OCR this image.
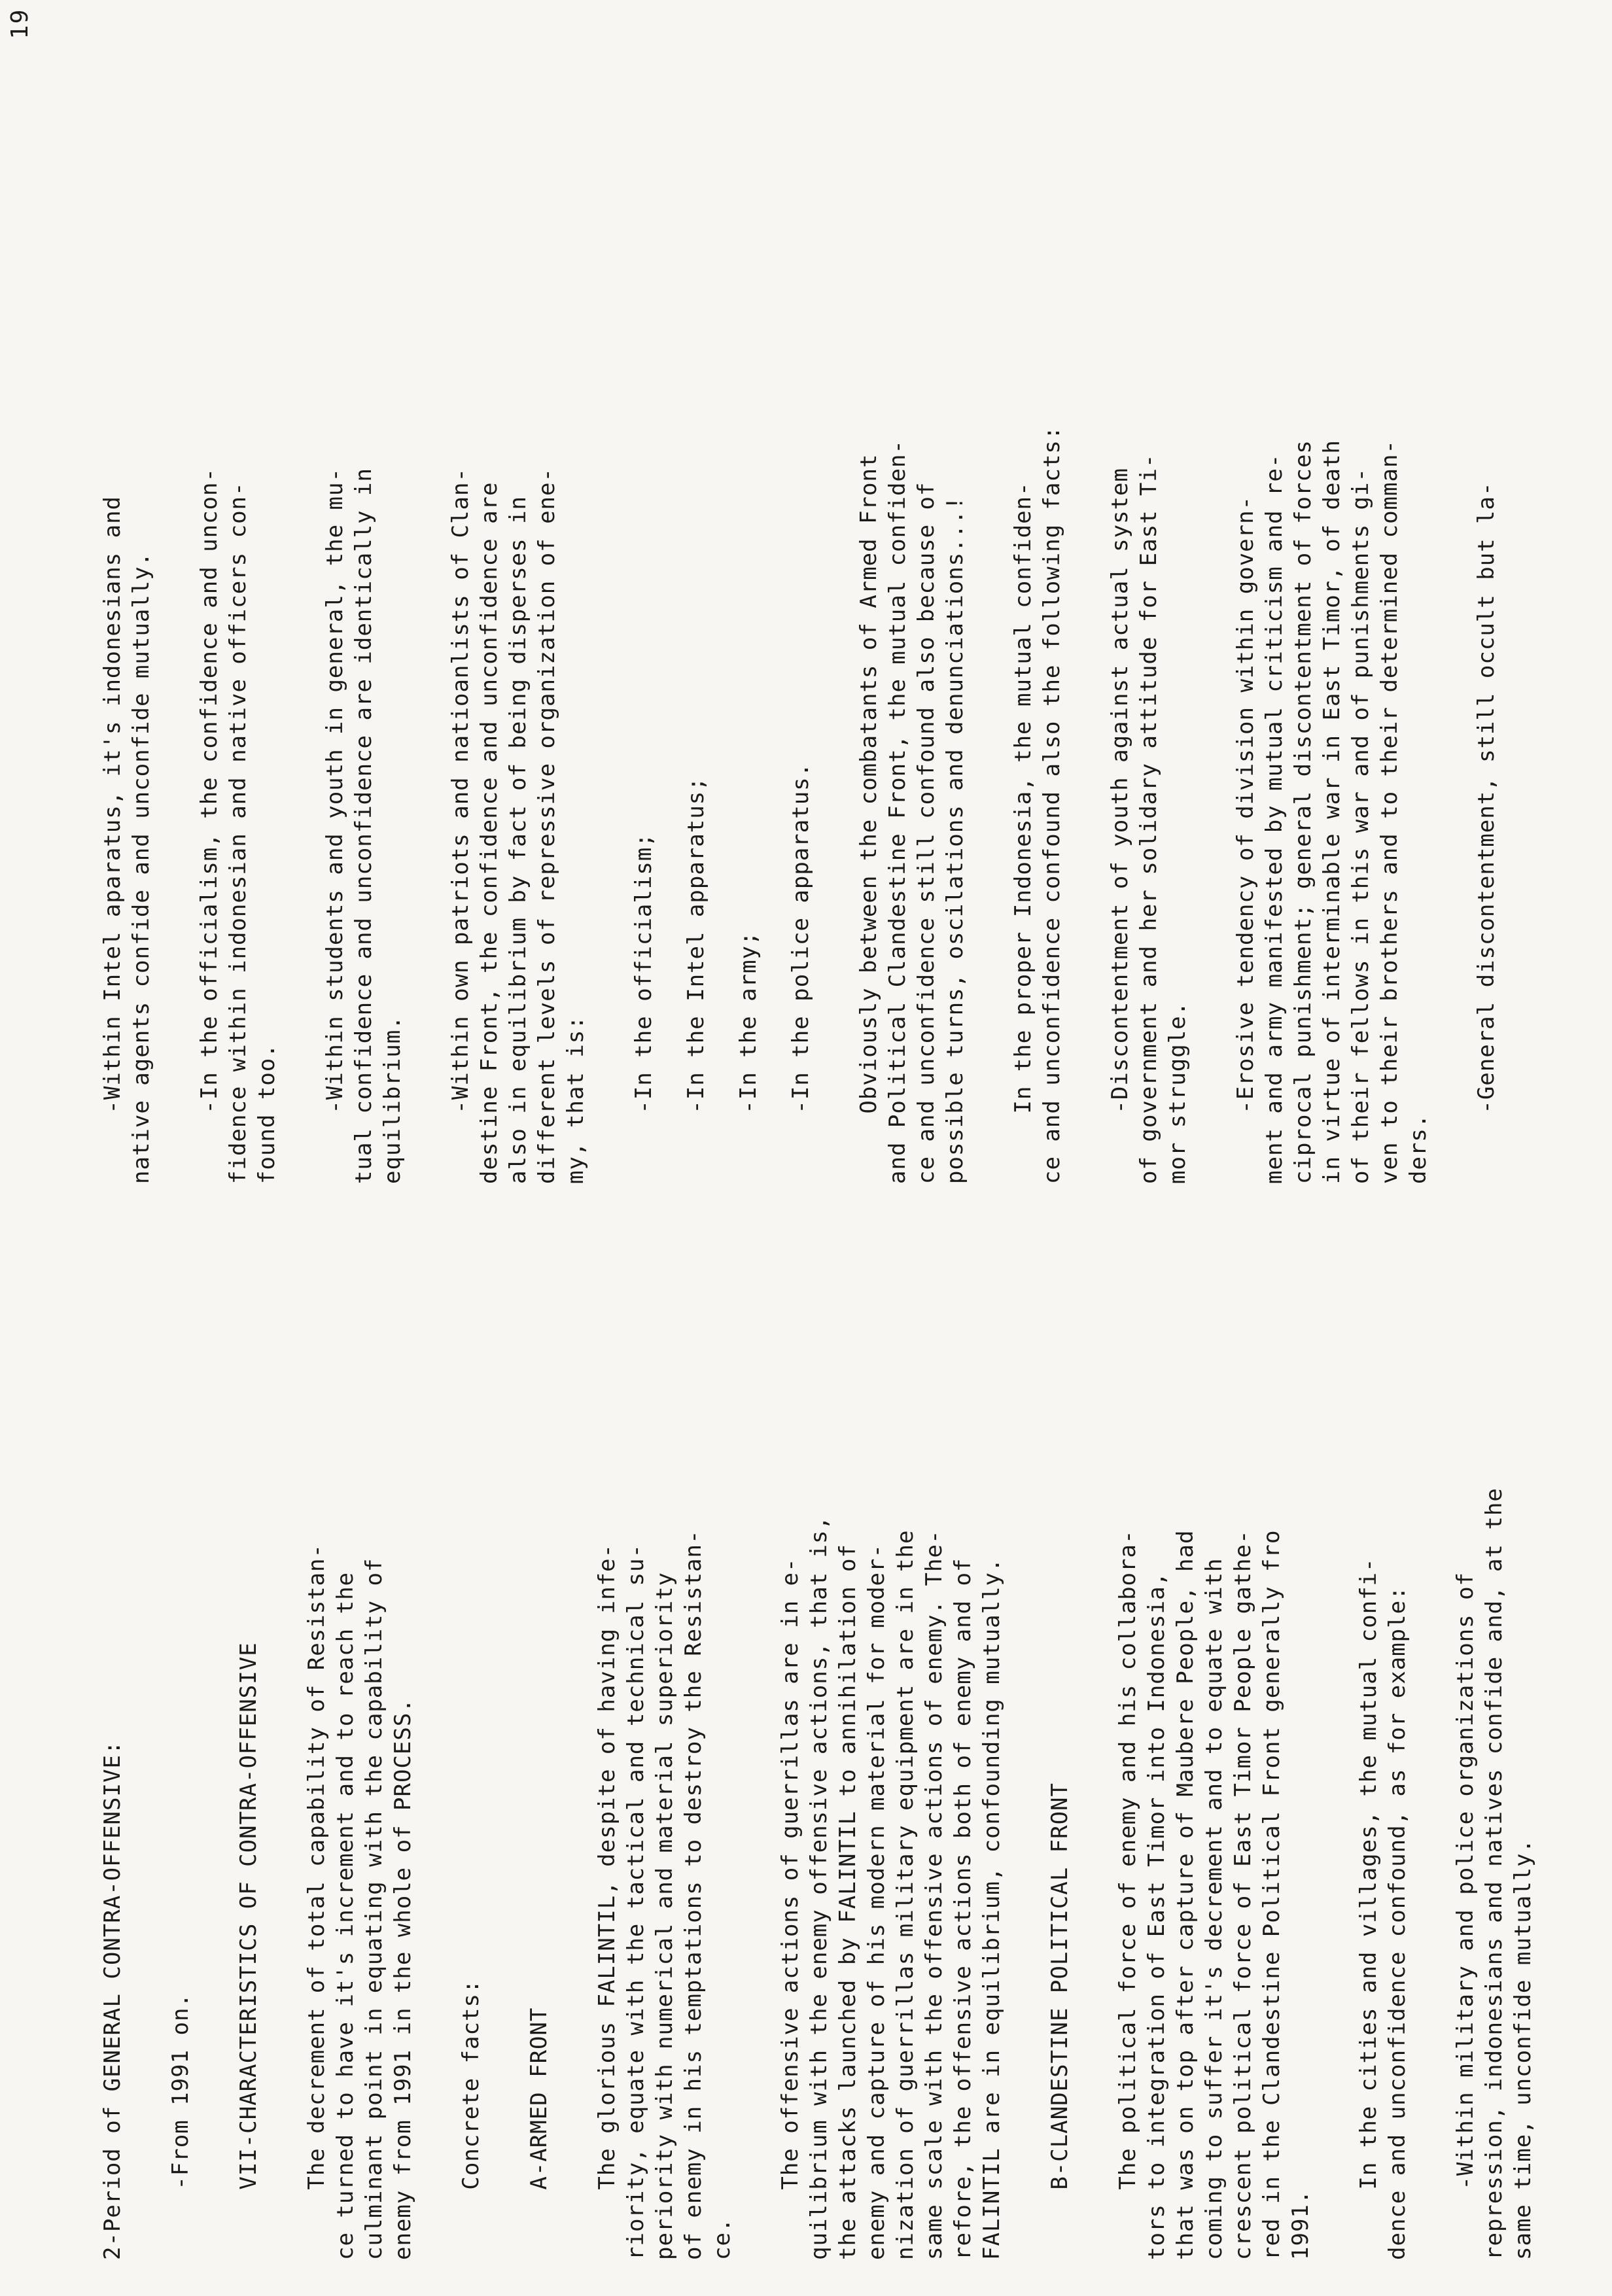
19

2-Period of GENERAL CONTRA-OFFENSIVE: -From 1991 on.

VII-CHARACTERISTICS OF CONTRA-OFFENSIVE The decrement of total capability of Resistan-
ce turned to have it's increment and to reach the
culminant point in equating with the capability of
enemy from 1991 in the whole of PROCESS.

Concrete facts:

A-ARMED FRONT The glorious FALINTIL, despite of having infe-
riority, equate with the tactical and technical su-
periority with numerical and material superiority
of enemy in his temptations to destroy the Resistan-
ce.

The offensive actions of guerrillas are in e-
quilibrium with the enemy offensive actions, that is,
the attacks launched by FALINTIL to annihilation of
enemy and capture of his modern material for moder-
nization of guerrillas military equipment are in the
same scale with the offensive actions of enemy. The-
refore, the offensive actions both of enemy and of
FALINTIL are in equilibrium, confounding mutually.

B-CLANDESTINE POLITICAL FRONT The political force of enemy and his collabora-
tors to integration of East Timor into Indonesia,
that was on top after capture of Maubere People, had
coming to suffer it's decrement and to equate with
crescent political force of East Timor People gathe-
red in the Clandestine Political Front generally fro
1991.

In the cities and villages, the mutual confi-
dence and unconfidence confound, as for example:

-Within military and police organizations of
repression, indonesians and natives confide and, at the
same time, unconfide mutually.

-Within Intel aparatus, it's indonesians and
native agents confide and unconfide mutually.

-In the officialism, the confidence and uncon-
fidence within indonesian and native officers con-
found too. -Within students and youth in general, the mu-
tual confidence and unconfidence are identically in
equilibrium. -Within own patriots and natioanlists of Clan-
destine Front, the confidence and unconfidence are
also in equilibrium by fact of being disperses in
different levels of repressive organization of ene-
my, that is:

-In the officialism;

-In the Intel apparatus;

-In the army;

-In the police apparatus. Obviously between the combatants of Armed Front
and Political Clandestine Front, the mutual confiden-
ce and unconfidence still confound also because of
possible turns, oscilations and denunciations...!

In the proper Indonesia, the mutual confiden-
ce and unconfidence confound also the following facts:

-Discontentment of youth against actual system
of government and her solidary attitude for East Ti-
mor struggle. -Erosive tendency of division within govern-
ment and army manifested by mutual criticism and re-
ciprocal punishment; general discontentment of forces
in virtue of interminable war in East Timor, of death
of their fellows in this war and of punishments gi-
ven to their brothers and to their determined comman-
ders. -General discontentment, still occult but la-
